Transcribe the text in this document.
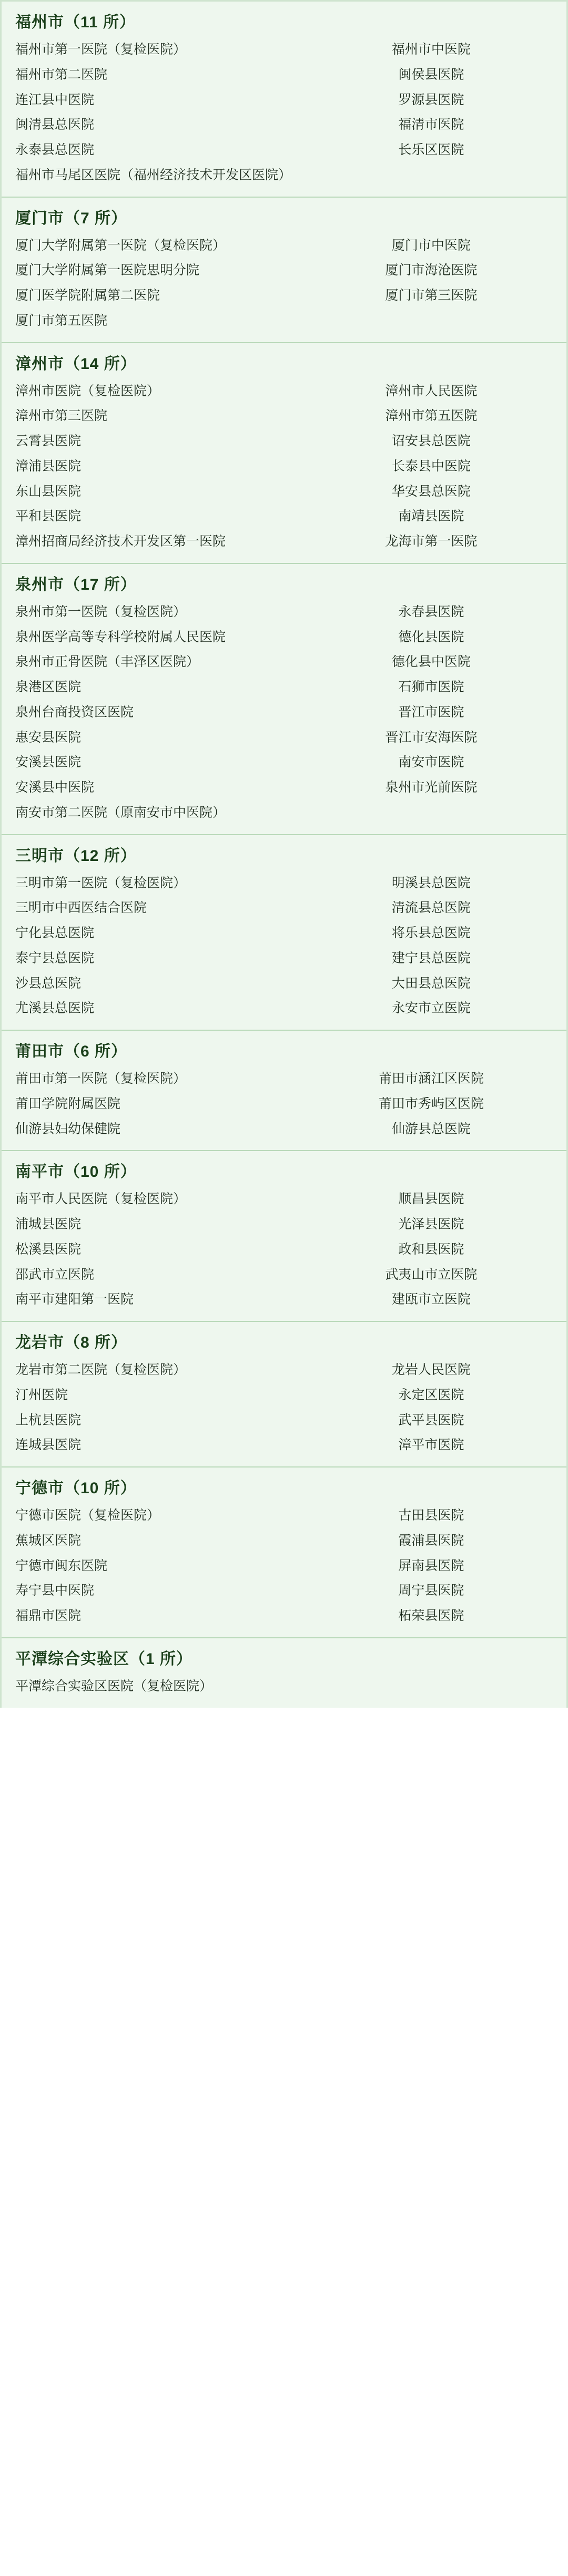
福州市（11 所）
福州市第一医院（复检医院）	福州市中医院
福州市第二医院	闽侯县医院
连江县中医院	罗源县医院
闽清县总医院	福清市医院
永泰县总医院	长乐区医院
福州市马尾区医院（福州经济技术开发区医院）
厦门市（7 所）
厦门大学附属第一医院（复检医院）	厦门市中医院
厦门大学附属第一医院思明分院	厦门市海沧医院
厦门医学院附属第二医院	厦门市第三医院
厦门市第五医院
漳州市（14 所）
漳州市医院（复检医院）	漳州市人民医院
漳州市第三医院	漳州市第五医院
云霄县医院	诏安县总医院
漳浦县医院	长泰县中医院
东山县医院	华安县总医院
平和县医院	南靖县医院
漳州招商局经济技术开发区第一医院	龙海市第一医院
泉州市（17 所）
泉州市第一医院（复检医院）	永春县医院
泉州医学高等专科学校附属人民医院	德化县医院
泉州市正骨医院（丰泽区医院）	德化县中医院
泉港区医院	石狮市医院
泉州台商投资区医院	晋江市医院
惠安县医院	晋江市安海医院
安溪县医院	南安市医院
安溪县中医院	泉州市光前医院
南安市第二医院（原南安市中医院）
三明市（12 所）
三明市第一医院（复检医院）	明溪县总医院
三明市中西医结合医院	清流县总医院
宁化县总医院	将乐县总医院
泰宁县总医院	建宁县总医院
沙县总医院	大田县总医院
尤溪县总医院	永安市立医院
莆田市（6 所）
莆田市第一医院（复检医院）	莆田市涵江区医院
莆田学院附属医院	莆田市秀屿区医院
仙游县妇幼保健院	仙游县总医院
南平市（10 所）
南平市人民医院（复检医院）	顺昌县医院
浦城县医院	光泽县医院
松溪县医院	政和县医院
邵武市立医院	武夷山市立医院
南平市建阳第一医院	建瓯市立医院
龙岩市（8 所）
龙岩市第二医院（复检医院）	龙岩人民医院
汀州医院	永定区医院
上杭县医院	武平县医院
连城县医院	漳平市医院
宁德市（10 所）
宁德市医院（复检医院）	古田县医院
蕉城区医院	霞浦县医院
宁德市闽东医院	屏南县医院
寿宁县中医院	周宁县医院
福鼎市医院	柘荣县医院
平潭综合实验区（1 所）
平潭综合实验区医院（复检医院）
